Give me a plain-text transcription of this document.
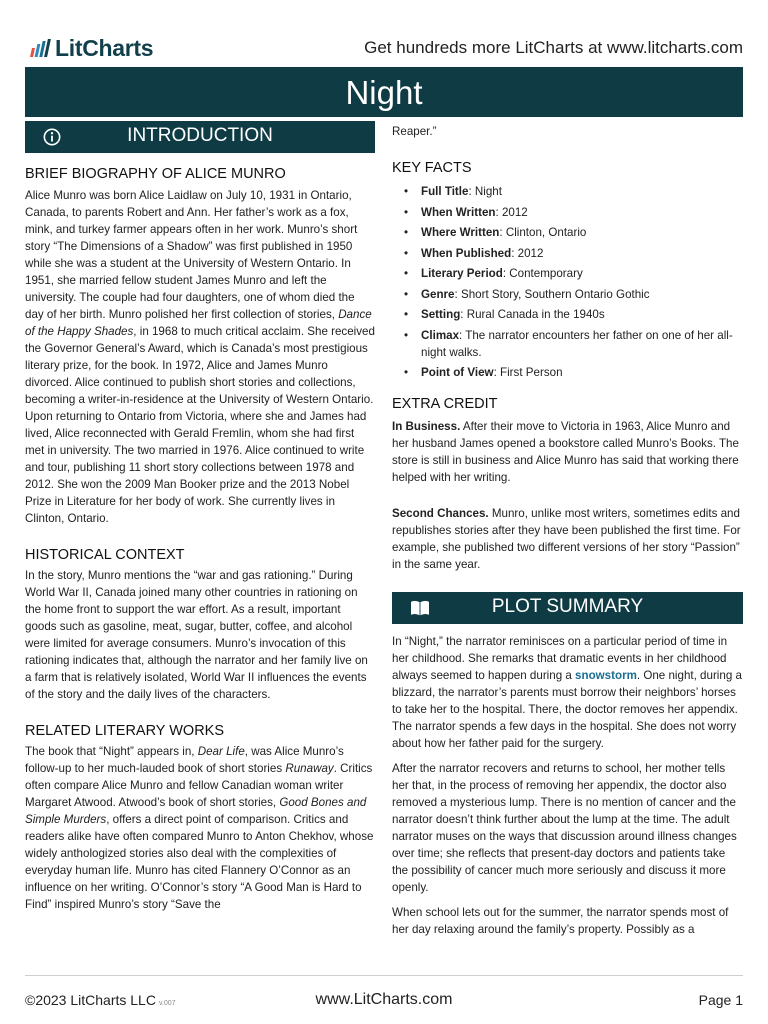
LitCharts	Get hundreds more LitCharts at www.litcharts.com
Night
INTRODUCTION
BRIEF BIOGRAPHY OF ALICE MUNRO

Alice Munro was born Alice Laidlaw on July 10, 1931 in Ontario, Canada, to parents Robert and Ann. Her father’s work as a fox, mink, and turkey farmer appears often in her work. Munro’s short story “The Dimensions of a Shadow” was first published in 1950 while she was a student at the University of Western Ontario. In 1951, she married fellow student James Munro and left the university. The couple had four daughters, one of whom died the day of her birth. Munro polished her first collection of stories, Dance of the Happy Shades, in 1968 to much critical acclaim. She received the Governor General’s Award, which is Canada’s most prestigious literary prize, for the book. In 1972, Alice and James Munro divorced. Alice continued to publish short stories and collections, becoming a writer-in-residence at the University of Western Ontario. Upon returning to Ontario from Victoria, where she and James had lived, Alice reconnected with Gerald Fremlin, whom she had first met in university. The two married in 1976. Alice continued to write and tour, publishing 11 short story collections between 1978 and 2012. She won the 2009 Man Booker prize and the 2013 Nobel Prize in Literature for her body of work. She currently lives in Clinton, Ontario.

HISTORICAL CONTEXT

In the story, Munro mentions the “war and gas rationing.” During World War II, Canada joined many other countries in rationing on the home front to support the war effort. As a result, important goods such as gasoline, meat, sugar, butter, coffee, and alcohol were limited for average consumers. Munro’s invocation of this rationing indicates that, although the narrator and her family live on a farm that is relatively isolated, World War II influences the events of the story and the daily lives of the characters.

RELATED LITERARY WORKS

The book that “Night” appears in, Dear Life, was Alice Munro’s follow-up to her much-lauded book of short stories Runaway. Critics often compare Alice Munro and fellow Canadian woman writer Margaret Atwood. Atwood’s book of short stories, Good Bones and Simple Murders, offers a direct point of comparison. Critics and readers alike have often compared Munro to Anton Chekhov, whose widely anthologized stories also deal with the complexities of everyday human life. Munro has cited Flannery O’Connor as an influence on her writing. O’Connor’s story “A Good Man is Hard to Find” inspired Munro’s story “Save the

Reaper.”

KEY FACTS
• Full Title: Night
• When Written: 2012
• Where Written: Clinton, Ontario
• When Published: 2012
• Literary Period: Contemporary
• Genre: Short Story, Southern Ontario Gothic
• Setting: Rural Canada in the 1940s
• Climax: The narrator encounters her father on one of her all-night walks.
• Point of View: First Person
EXTRA CREDIT

In Business. After their move to Victoria in 1963, Alice Munro and her husband James opened a bookstore called Munro’s Books. The store is still in business and Alice Munro has said that working there helped with her writing.

Second Chances. Munro, unlike most writers, sometimes edits and republishes stories after they have been published the first time. For example, she published two different versions of her story “Passion” in the same year.

PLOT SUMMARY

In “Night,” the narrator reminisces on a particular period of time in her childhood. She remarks that dramatic events in her childhood always seemed to happen during a snowstorm. One night, during a blizzard, the narrator’s parents must borrow their neighbors’ horses to take her to the hospital. There, the doctor removes her appendix. The narrator spends a few days in the hospital. She does not worry about how her father paid for the surgery.

After the narrator recovers and returns to school, her mother tells her that, in the process of removing her appendix, the doctor also removed a mysterious lump. There is no mention of cancer and the narrator doesn’t think further about the lump at the time. The adult narrator muses on the ways that discussion around illness changes over time; she reflects that present-day doctors and patients take the possibility of cancer much more seriously and discuss it more openly.

When school lets out for the summer, the narrator spends most of her day relaxing around the family’s property. Possibly as a

©2023 LitCharts LLC v.007	www.LitCharts.com	Page 1
